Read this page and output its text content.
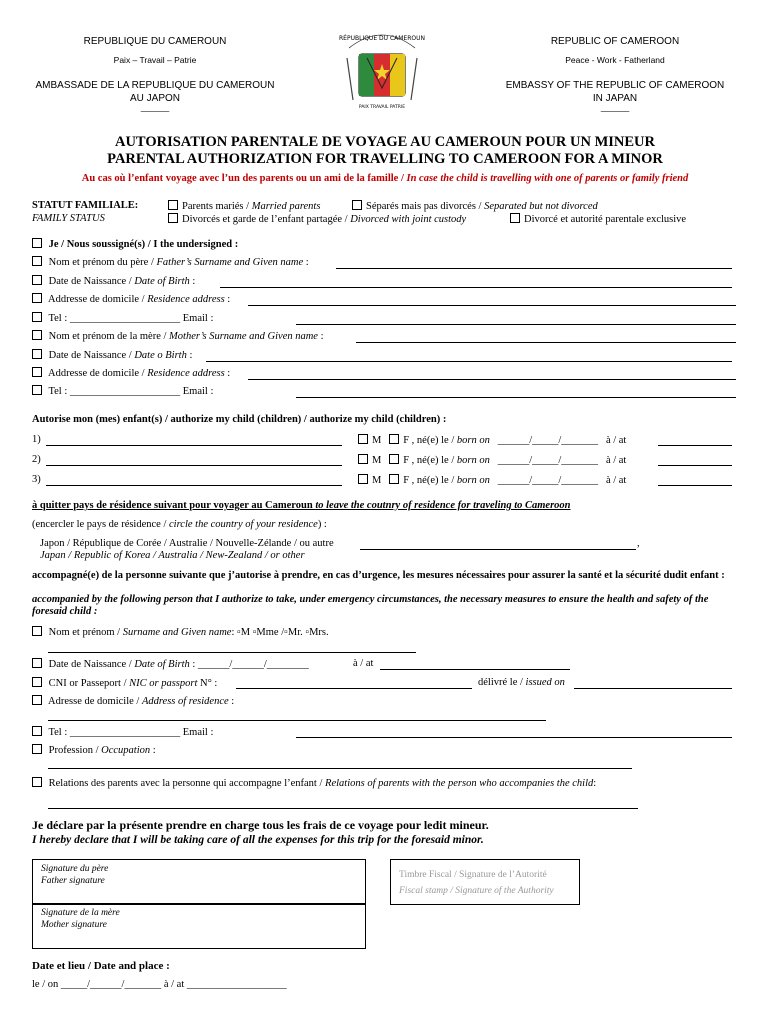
REPUBLIQUE DU CAMEROUN
Paix – Travail – Patrie
AMBASSADE DE LA REPUBLIQUE DU CAMEROUN
AU JAPON
______
REPUBLIC OF CAMEROON
Peace - Work - Fatherland
EMBASSY OF THE REPUBLIC OF CAMEROON
IN JAPAN
______
RÉPUBLIQUE DU CAMEROUN
PAIX TRAVAIL PATRIE
AUTORISATION PARENTALE DE VOYAGE AU CAMEROUN POUR UN MINEUR
PARENTAL AUTHORIZATION FOR TRAVELLING TO CAMEROON FOR A MINOR
Au cas où l’enfant voyage avec l’un des parents ou un ami de la famille / In case the child is travelling with one of parents or family friend
STATUT FAMILIALE:
FAMILY STATUS
Parents mariés / Married parents	Séparés mais pas divorcés / Separated but not divorced
Divorcés et garde de l’enfant partagée / Divorced with joint custody	Divorcé et autorité parentale exclusive
Je / Nous soussigné(s) / I the undersigned :
Nom et prénom du père / Father’s Surname and Given name :
Date de Naissance / Date of Birth :
Addresse de domicile / Residence address :
Tel : _____________________ Email :
Nom et prénom de la mère / Mother’s Surname and Given name :
Date de Naissance / Date o Birth :
Addresse de domicile / Residence address :
Tel : _____________________ Email :
Autorise mon (mes) enfant(s) / authorize my child (children) / authorize my child (children) :
1)	M F , né(e) le / born on ______/_____/_______ à / at
2)	M F , né(e) le / born on ______/_____/_______ à / at
3)	M F , né(e) le / born on ______/_____/_______ à / at
à quitter pays de résidence suivant pour voyager au Cameroun to leave the coutnry of residence for traveling to Cameroon
(encercler le pays de résidence / circle the country of your residence) :
Japon / République de Corée / Australie / Nouvelle-Zélande / ou autre	,
Japan / Republic of Korea / Australia / New-Zealand / or other
accompagné(e) de la personne suivante que j’autorise à prendre, en cas d’urgence, les mesures nécessaires pour assurer la santé et la sécurité dudit enfant :
accompanied by the following person that I authorize to take, under emergency circumstances, the necessary measures to ensure the health and safety of the foresaid child :
Nom et prénom / Surname and Given name: ▫M ▫Mme /▫Mr. ▫Mrs.
Date de Naissance / Date of Birth : ______/______/________	à / at
CNI or Passeport / NIC or passport N° :	délivré le / issued on
Adresse de domicile / Address of residence :
Tel : _____________________ Email :
Profession / Occupation :
Relations des parents avec la personne qui accompagne l’enfant / Relations of parents with the person who accompanies the child:
Je déclare par la présente prendre en charge tous les frais de ce voyage pour ledit mineur.
I hereby declare that I will be taking care of all the expenses for this trip for the foresaid minor.
Signature du père
Father signature
Signature de la mère
Mother signature
Timbre Fiscal / Signature de l’Autorité
Fiscal stamp / Signature of the Authority
Date et lieu / Date and place :
le / on _____/______/_______ à / at ___________________
